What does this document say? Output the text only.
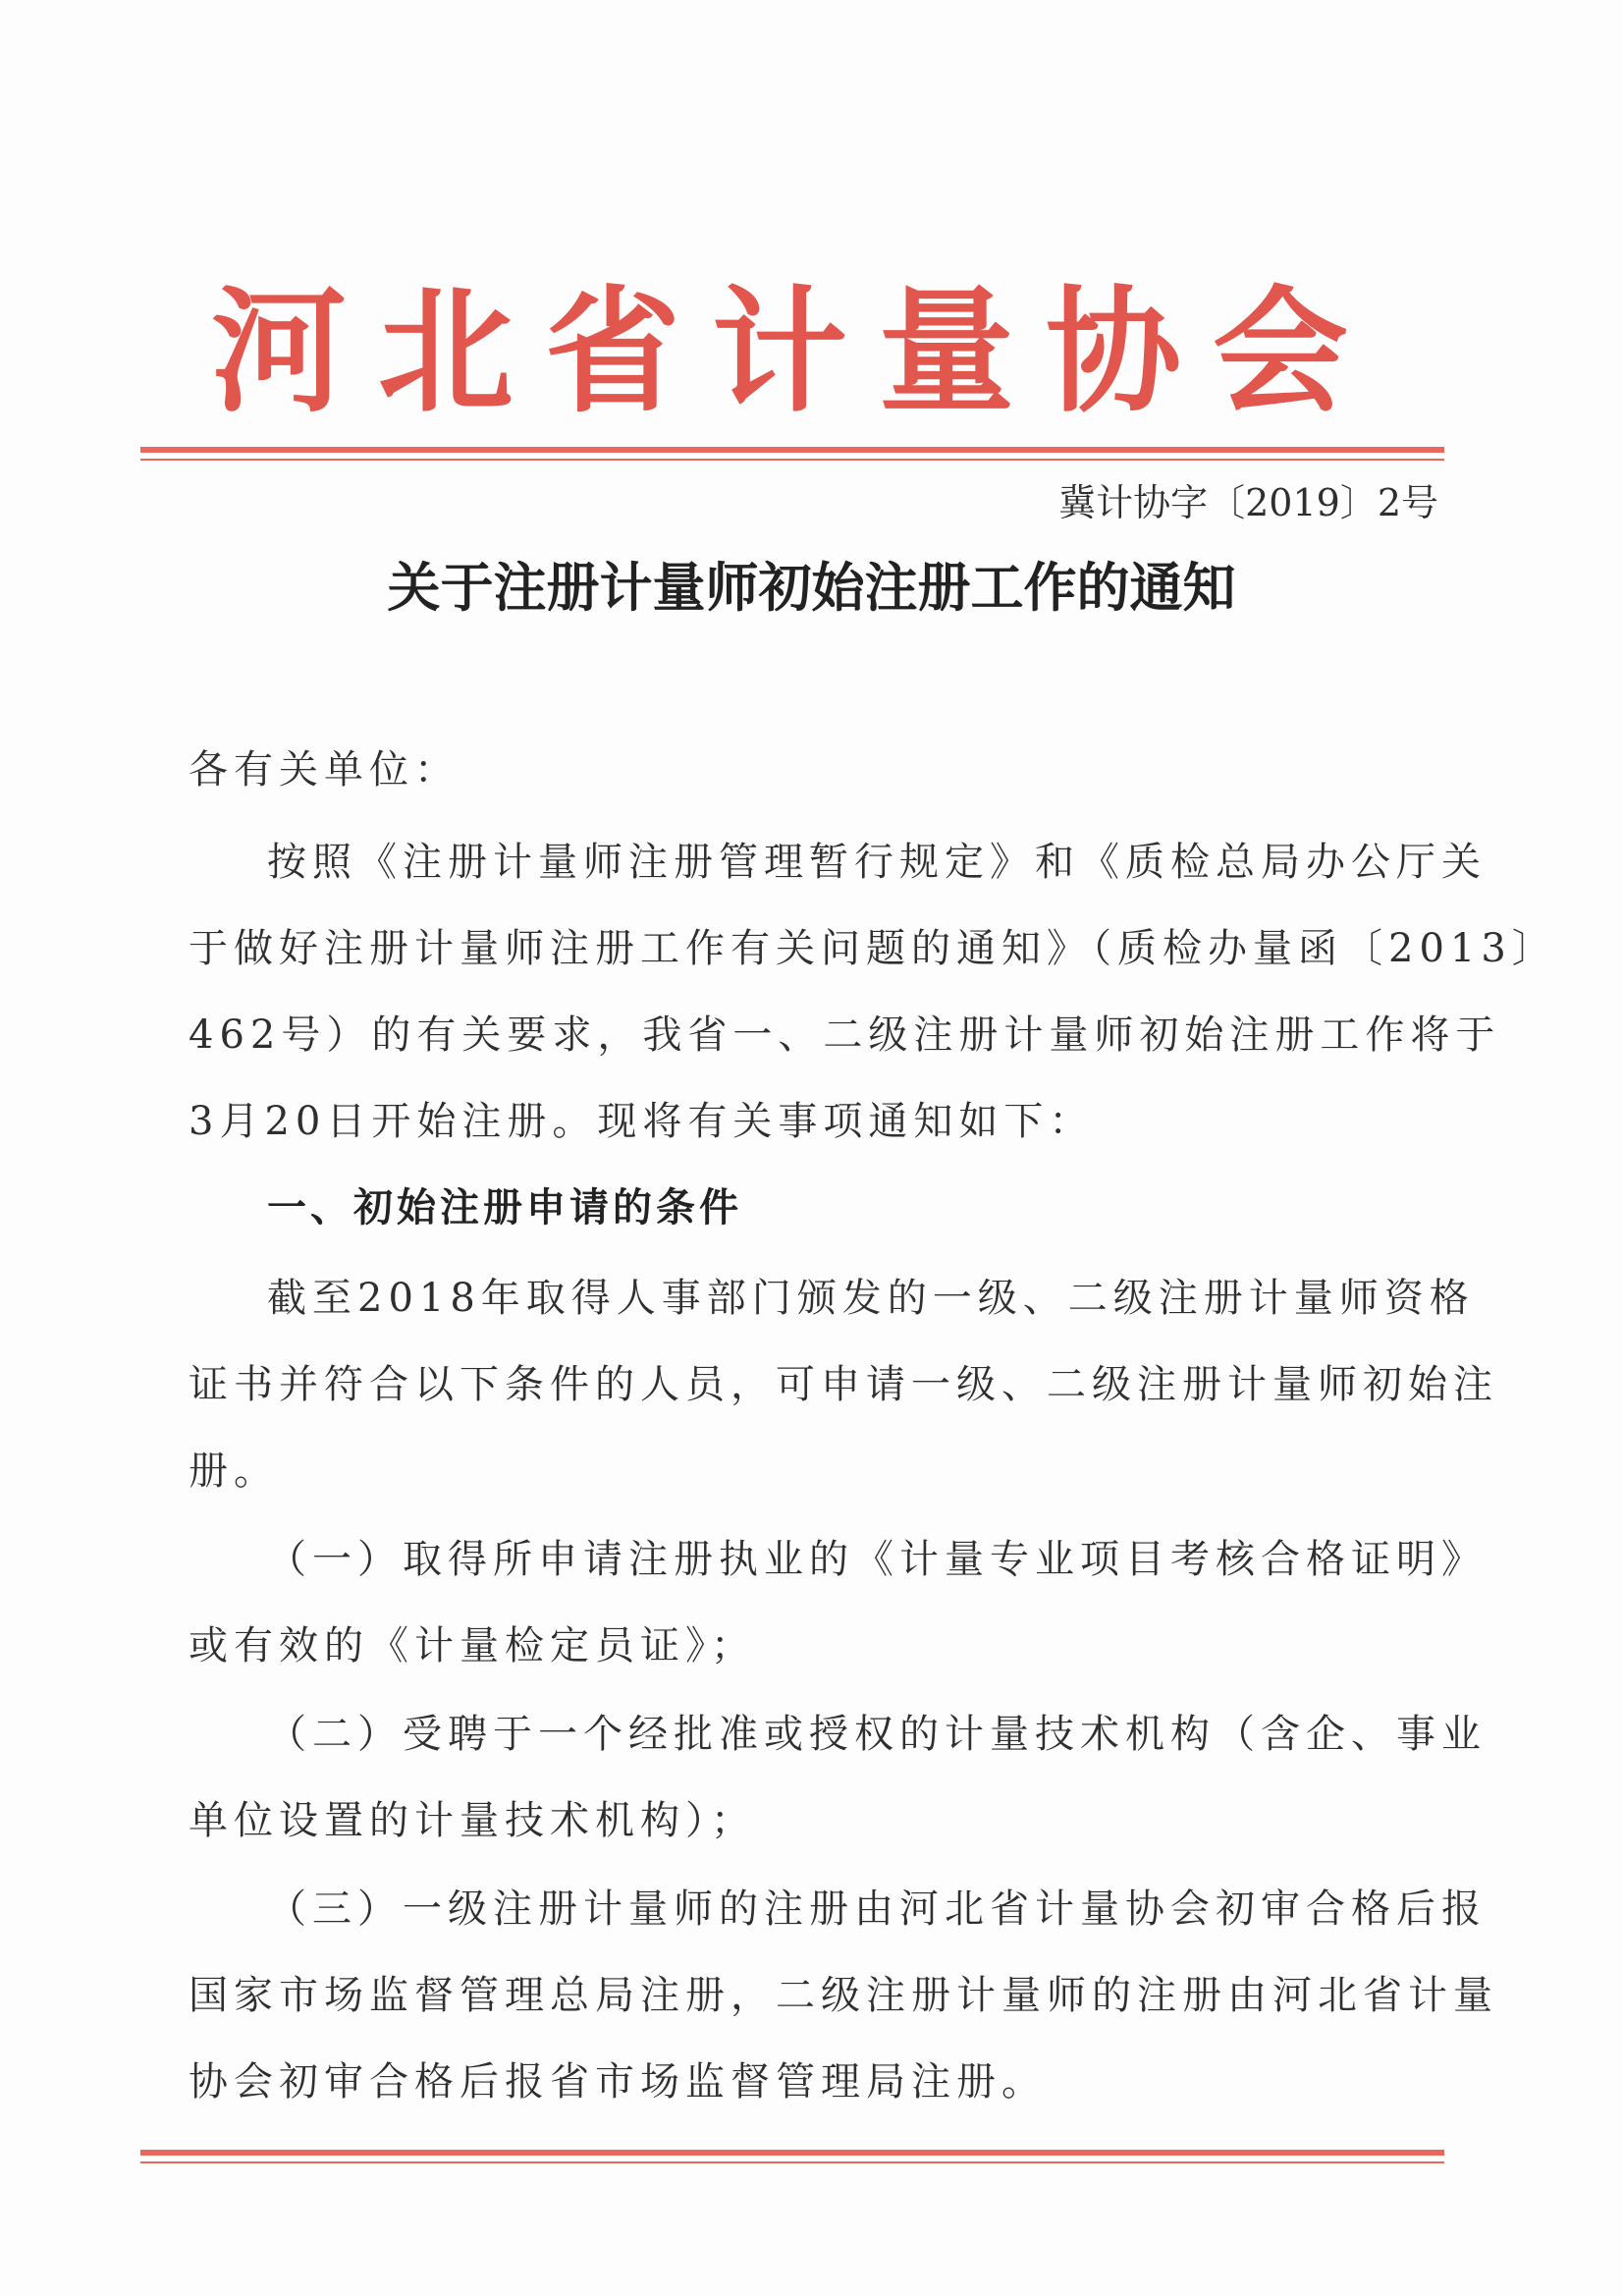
河北省计量协会
冀计协字〔2019〕2号
关于注册计量师初始注册工作的通知
各有关单位：
按照《注册计量师注册管理暂行规定》和《质检总局办公厅关
于做好注册计量师注册工作有关问题的通知》（质检办量函〔2013〕
462号）的有关要求，我省一、二级注册计量师初始注册工作将于
3月20日开始注册。现将有关事项通知如下：
一、初始注册申请的条件
截至2018年取得人事部门颁发的一级、二级注册计量师资格
证书并符合以下条件的人员，可申请一级、二级注册计量师初始注
册。
（一）取得所申请注册执业的《计量专业项目考核合格证明》
或有效的《计量检定员证》；
（二）受聘于一个经批准或授权的计量技术机构（含企、事业
单位设置的计量技术机构）；
（三）一级注册计量师的注册由河北省计量协会初审合格后报
国家市场监督管理总局注册，二级注册计量师的注册由河北省计量
协会初审合格后报省市场监督管理局注册。
